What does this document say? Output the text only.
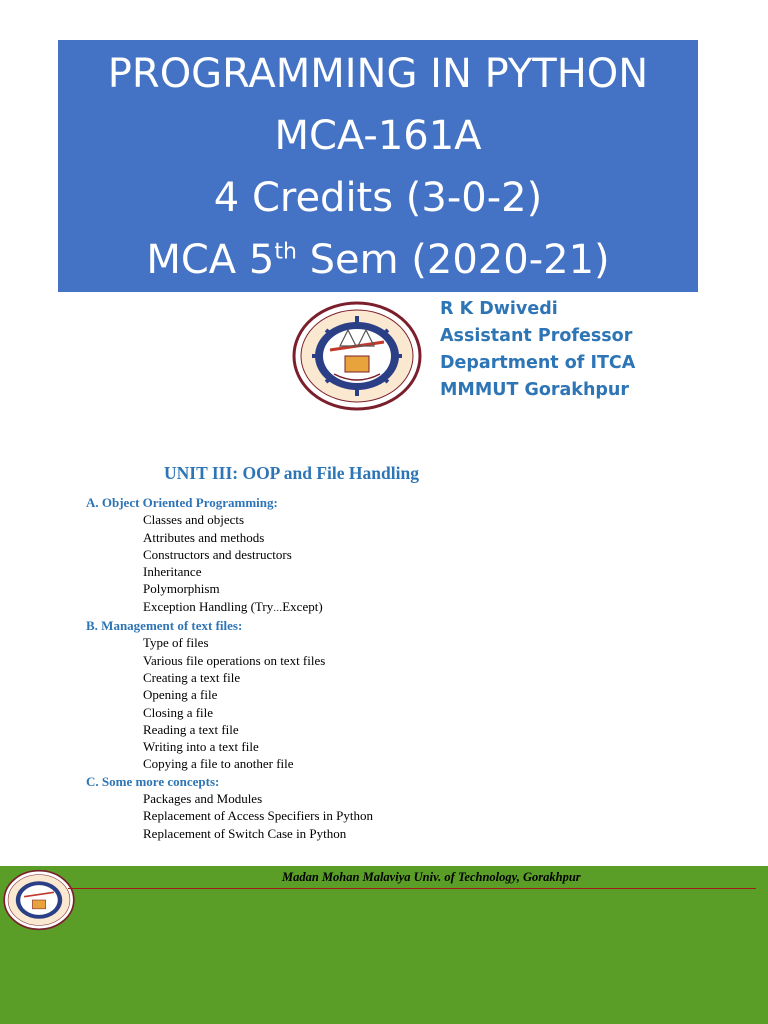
PROGRAMMING IN PYTHON
MCA-161A
4 Credits (3-0-2)
MCA 5th Sem (2020-21)
R K Dwivedi
Assistant Professor
Department of ITCA
MMMUT Gorakhpur
UNIT III: OOP and File Handling
A. Object Oriented Programming:
Classes and objects
Attributes and methods
Constructors and destructors
Inheritance
Polymorphism
Exception Handling (Try…Except)
B. Management of text files:
Type of files
Various file operations on text files
Creating a text file
Opening a file
Closing a file
Reading a text file
Writing into a text file
Copying a file to another file
C. Some more concepts:
Packages and Modules
Replacement of Access Specifiers in Python
Replacement of Switch Case in Python
Madan Mohan Malaviya Univ. of Technology, Gorakhpur
